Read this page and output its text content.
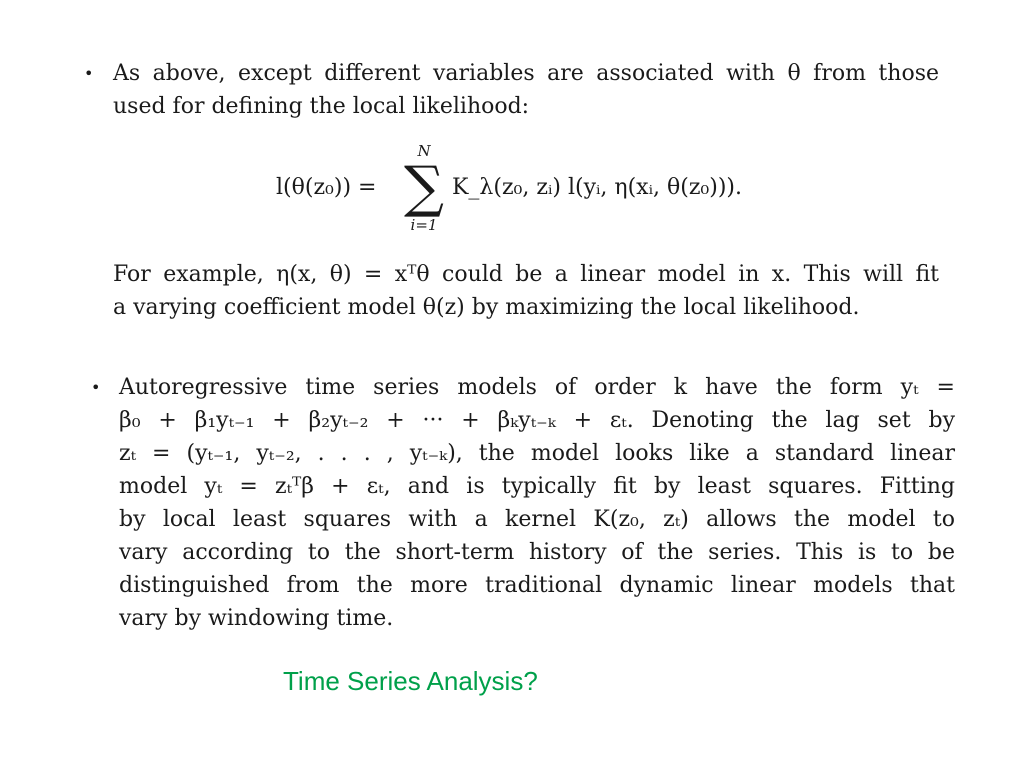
• As above, except different variables are associated with θ from those
used for defining the local likelihood:
l(θ(z₀)) =
N
∑
i=1
K_λ(z₀, zᵢ) l(yᵢ, η(xᵢ, θ(z₀))).
For example, η(x, θ) = xᵀθ could be a linear model in x. This will fit
a varying coefficient model θ(z) by maximizing the local likelihood.
• Autoregressive time series models of order k have the form yₜ =
β₀ + β₁yₜ₋₁ + β₂yₜ₋₂ + ··· + βₖyₜ₋ₖ + εₜ. Denoting the lag set by
zₜ = (yₜ₋₁, yₜ₋₂, . . . , yₜ₋ₖ), the model looks like a standard linear
model yₜ = zₜᵀβ + εₜ, and is typically fit by least squares. Fitting
by local least squares with a kernel K(z₀, zₜ) allows the model to
vary according to the short-term history of the series. This is to be
distinguished from the more traditional dynamic linear models that
vary by windowing time.
Time Series Analysis?
